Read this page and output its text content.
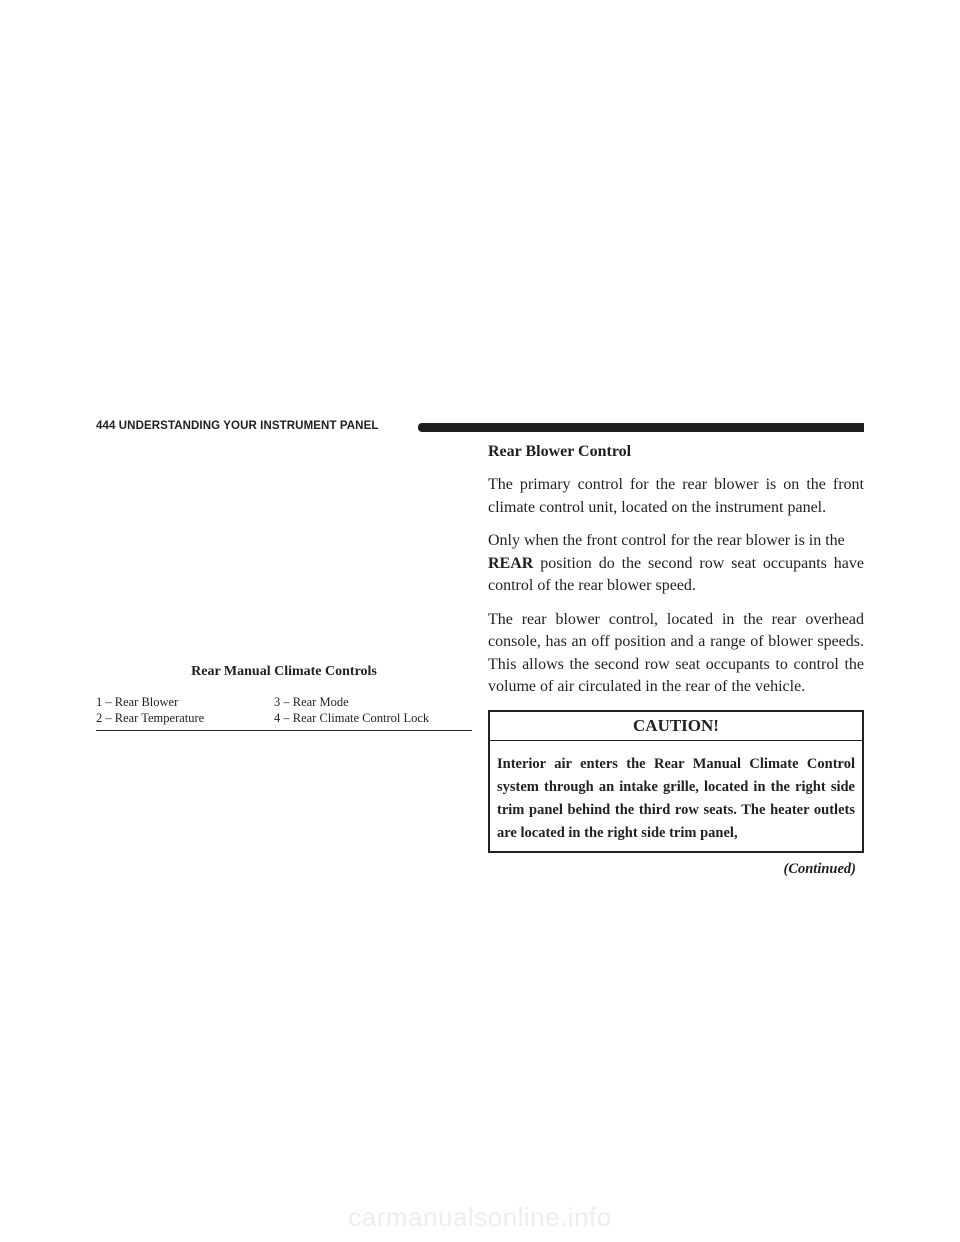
444 UNDERSTANDING YOUR INSTRUMENT PANEL
Rear Manual Climate Controls
1 – Rear Blower	3 – Rear Mode
2 – Rear Temperature	4 – Rear Climate Control Lock
Rear Blower Control

The primary control for the rear blower is on the front climate control unit, located on the instrument panel.

Only when the front control for the rear blower is in the
REAR position do the second row seat occupants have control of the rear blower speed.

The rear blower control, located in the rear overhead console, has an off position and a range of blower speeds. This allows the second row seat occupants to control the volume of air circulated in the rear of the vehicle.

CAUTION!
Interior air enters the Rear Manual Climate Control system through an intake grille, located in the right side trim panel behind the third row seats. The heater outlets are located in the right side trim panel,
(Continued)
carmanualsonline.info
